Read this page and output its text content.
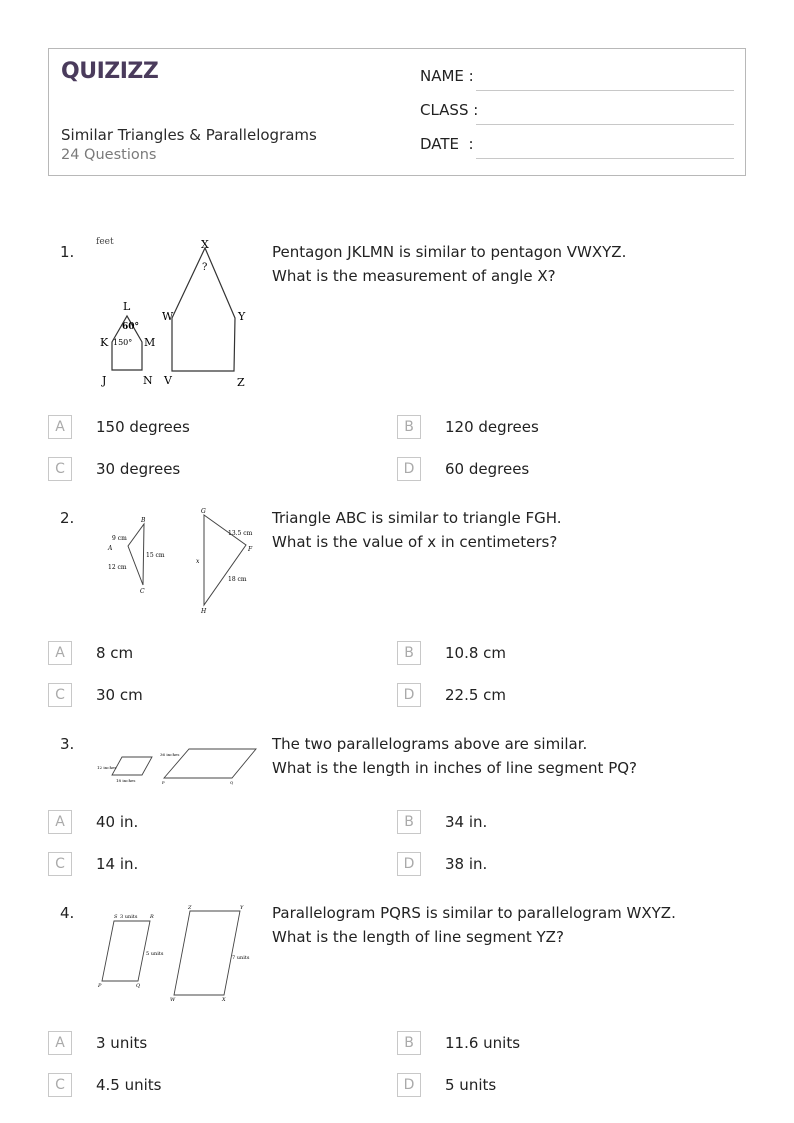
QUIZIZZ
Similar Triangles & Parallelograms
24 Questions
NAME :
CLASS :
DATE  :
1.
feet
L
60°
K 150° M
J	N
X
?
W	Y
V	Z
Pentagon JKLMN is similar to pentagon VWXYZ.
What is the measurement of angle X?
A	150 degrees	B	120 degrees
C	30 degrees	D	60 degrees
2.	B
9 cm
A
15 cm
12 cm
C
G
13.5 cm
F
x
18 cm
H
Triangle ABC is similar to triangle FGH.
What is the value of x in centimeters?
A	8 cm	B	10.8 cm
C	30 cm	D	22.5 cm
3.
12 inches
18 inches
36 inches
P	Q
The two parallelograms above are similar.
What is the length in inches of line segment PQ?
A	40 in.	B	34 in.
C	14 in.	D	38 in.
4.	S 3 units	R
5 units
P	Q
Z	Y
7 units
W	X
Parallelogram PQRS is similar to parallelogram WXYZ.
What is the length of line segment YZ?
A	3 units	B	11.6 units
C	4.5 units	D	5 units
